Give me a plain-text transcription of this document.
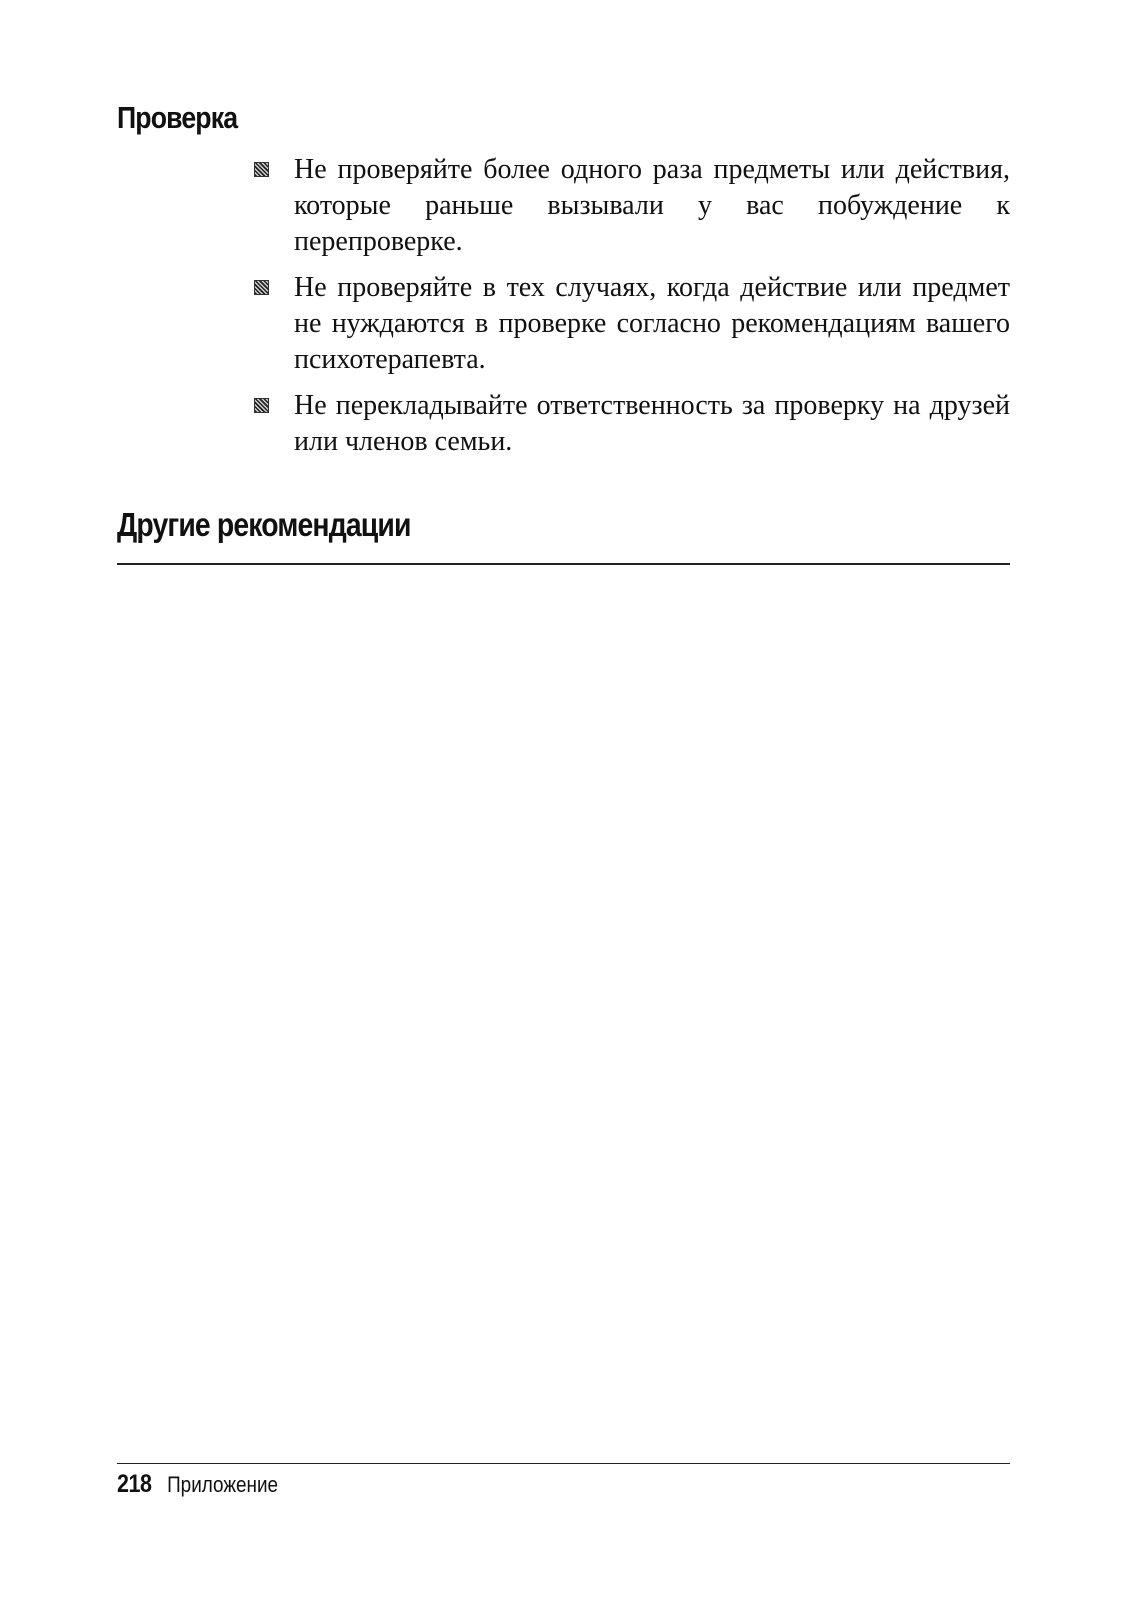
Проверка
Не проверяйте более одного раза предметы или действия, которые раньше вызывали у вас побуждение к перепроверке.
Не проверяйте в тех случаях, когда действие или предмет не нуждаются в проверке согласно рекомендациям вашего психотерапевта.
Не перекладывайте ответственность за проверку на друзей или членов семьи.
Другие рекомендации
218 Приложение
